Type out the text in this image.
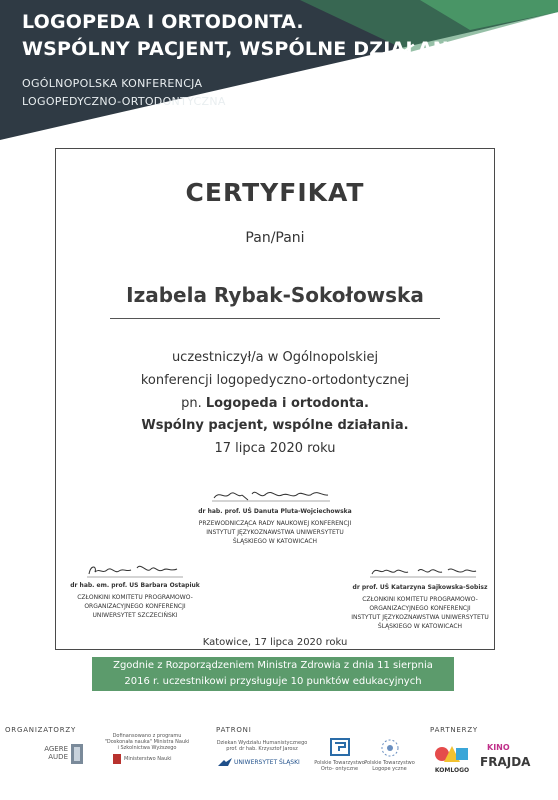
LOGOPEDA I ORTODONTA.
WSPÓLNY PACJENT, WSPÓLNE DZIAŁANIA
OGÓLNOPOLSKA KONFERENCJA
LOGOPEDYCZNO-ORTODONTYCZNA
CERTYFIKAT
Pan/Pani
Izabela Rybak-Sokołowska
uczestniczył/a w Ogólnopolskiej
konferencji logopedyczno-ortodontycznej
pn. Logopeda i ortodonta.
Wspólny pacjent, wspólne działania.
17 lipca 2020 roku
dr hab. prof. UŚ Danuta Pluta-Wojciechowska
PRZEWODNICZĄCA RADY NAUKOWEJ KONFERENCJI
INSTYTUT JĘZYKOZNAWSTWA UNIWERSYTETU
ŚLĄSKIEGO W KATOWICACH
dr hab. em. prof. US Barbara Ostapiuk
CZŁONKINI KOMITETU PROGRAMOWO-
ORGANIZACYJNEGO KONFERENCJI
UNIWERSYTET SZCZECIŃSKI
dr prof. UŚ Katarzyna Sajkowska-Sobisz
CZŁONKINI KOMITETU PROGRAMOWO-
ORGANIZACYJNEGO KONFERENCJI
INSTYTUT JĘZYKOZNAWSTWA UNIWERSYTETU
ŚLĄSKIEGO W KATOWICACH
Katowice, 17 lipca 2020 roku
Zgodnie z Rozporządzeniem Ministra Zdrowia z dnia 11 sierpnia
2016 r. uczestnikowi przysługuje 10 punktów edukacyjnych
ORGANIZATORZY	PATRONI	PARTNERZY
AGERE
AUDE
Dofinansowano z programu
"Doskonała nauka" Ministra Nauki
i Szkolnictwa Wyższego
Ministerstwo Nauki
Dziekan Wydziału Humanistycznego
prof. dr hab. Krzysztof Jarosz
UNIWERSYTET ŚLĄSKI	Polskie Towarzystwo
Orto- ontyczne
Polskie Towarzystwo
Logope yczne	KOMLOGO
KINO
FRAJDA
